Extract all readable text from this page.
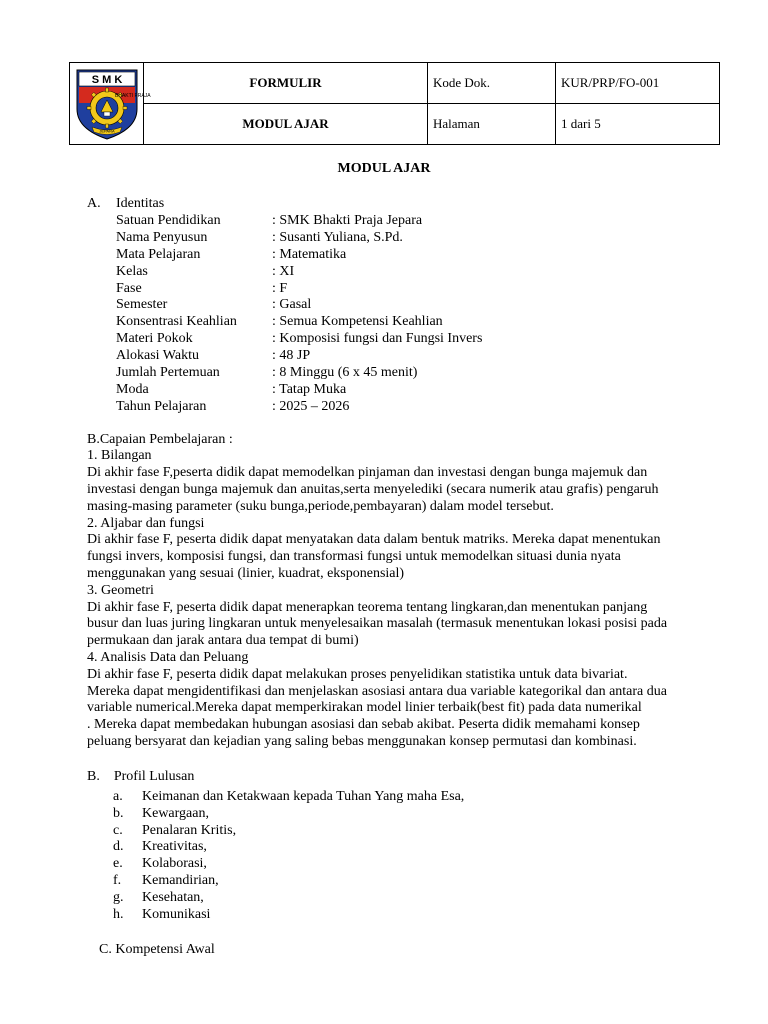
S M K
BHAKTI PRAJA
JEPARA	FORMULIR	Kode Dok.	KUR/PRP/FO-001
	MODUL AJAR	Halaman	1 dari 5
MODUL AJAR
A. Identitas
Satuan Pendidikan	: SMK Bhakti Praja Jepara
Nama Penyusun	: Susanti Yuliana, S.Pd.
Mata Pelajaran	: Matematika
Kelas	: XI
Fase	: F
Semester	: Gasal
Konsentrasi Keahlian	: Semua Kompetensi Keahlian
Materi Pokok	: Komposisi fungsi dan Fungsi Invers
Alokasi Waktu	: 48 JP
Jumlah Pertemuan	: 8 Minggu (6 x 45 menit)
Moda	: Tatap Muka
Tahun Pelajaran	: 2025 – 2026
B.Capaian Pembelajaran :
1. Bilangan
Di akhir fase F,peserta didik dapat memodelkan pinjaman dan investasi dengan bunga majemuk dan
investasi dengan bunga majemuk dan anuitas,serta menyelediki (secara numerik atau grafis) pengaruh
masing-masing parameter (suku bunga,periode,pembayaran) dalam model tersebut.
2. Aljabar dan fungsi
Di akhir fase F, peserta didik dapat menyatakan data dalam bentuk matriks. Mereka dapat menentukan
fungsi invers, komposisi fungsi, dan transformasi fungsi untuk memodelkan situasi dunia nyata
menggunakan yang sesuai (linier, kuadrat, eksponensial)
3. Geometri
Di akhir fase F, peserta didik dapat menerapkan teorema tentang lingkaran,dan menentukan panjang
busur dan luas juring lingkaran untuk menyelesaikan masalah (termasuk menentukan lokasi posisi pada
permukaan dan jarak antara dua tempat di bumi)
4. Analisis Data dan Peluang
Di akhir fase F, peserta didik dapat melakukan proses penyelidikan statistika untuk data bivariat.
Mereka dapat mengidentifikasi dan menjelaskan asosiasi antara dua variable kategorikal dan antara dua
variable numerical.Mereka dapat memperkirakan model linier terbaik(best fit) pada data numerikal
. Mereka dapat membedakan hubungan asosiasi dan sebab akibat. Peserta didik memahami konsep
peluang bersyarat dan kejadian yang saling bebas menggunakan konsep permutasi dan kombinasi.
B.    Profil Lulusan
a. Keimanan dan Ketakwaan kepada Tuhan Yang maha Esa,
b. Kewargaan,
c. Penalaran Kritis,
d. Kreativitas,
e. Kolaborasi,
f. Kemandirian,
g. Kesehatan,
h. Komunikasi
C. Kompetensi Awal
